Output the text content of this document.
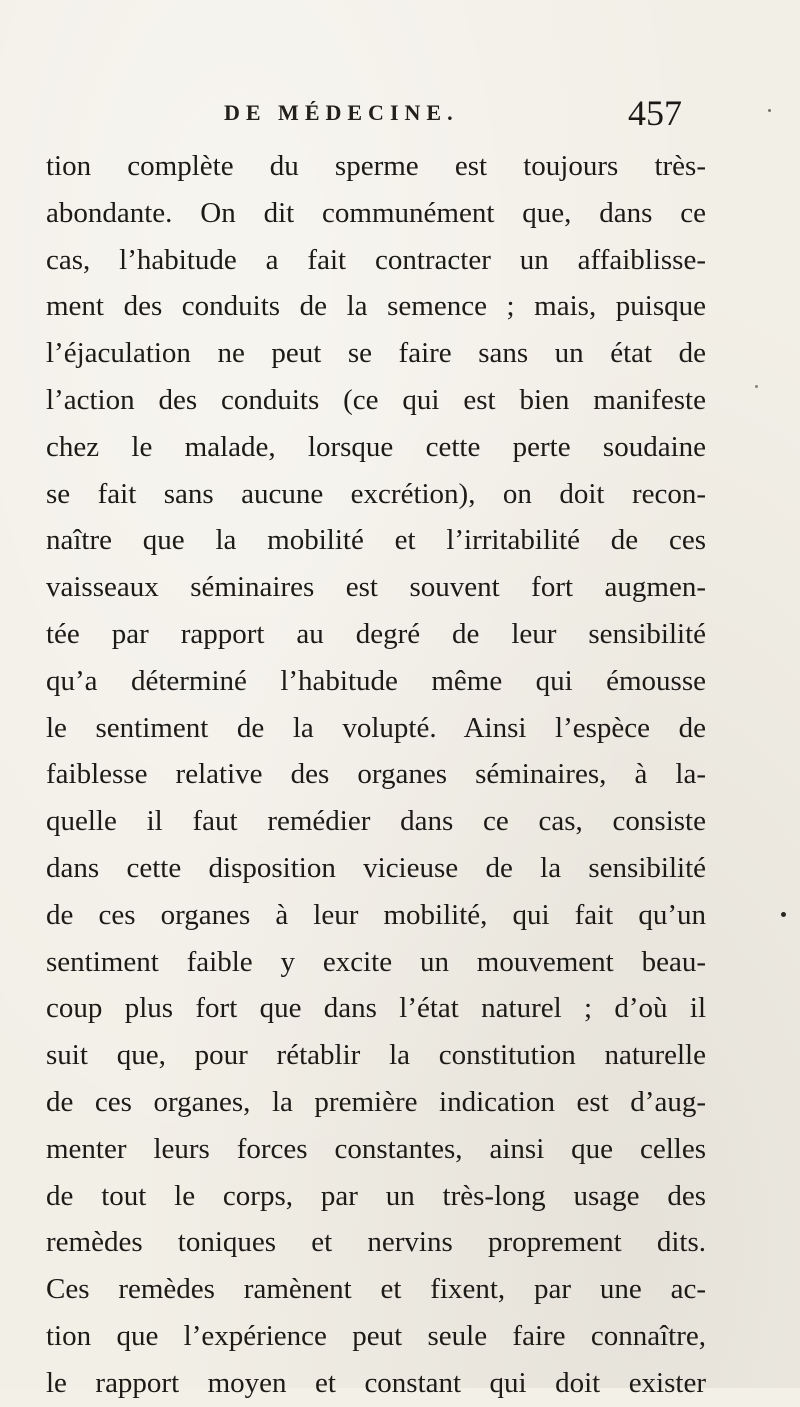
DE MÉDECINE.	457
tion complète du sperme est toujours très-
abondante. On dit communément que, dans ce
cas, l’habitude a fait contracter un affaiblisse-
ment des conduits de la semence ; mais, puisque
l’éjaculation ne peut se faire sans un état de
l’action des conduits (ce qui est bien manifeste
chez le malade, lorsque cette perte soudaine
se fait sans aucune excrétion), on doit recon-
naître que la mobilité et l’irritabilité de ces
vaisseaux séminaires est souvent fort augmen-
tée par rapport au degré de leur sensibilité
qu’a déterminé l’habitude même qui émousse
le sentiment de la volupté. Ainsi l’espèce de
faiblesse relative des organes séminaires, à la-
quelle il faut remédier dans ce cas, consiste
dans cette disposition vicieuse de la sensibilité
de ces organes à leur mobilité, qui fait qu’un
sentiment faible y excite un mouvement beau-
coup plus fort que dans l’état naturel ; d’où il
suit que, pour rétablir la constitution naturelle
de ces organes, la première indication est d’aug-
menter leurs forces constantes, ainsi que celles
de tout le corps, par un très-long usage des
remèdes toniques et nervins proprement dits.
Ces remèdes ramènent et fixent, par une ac-
tion que l’expérience peut seule faire connaître,
le rapport moyen et constant qui doit exister
